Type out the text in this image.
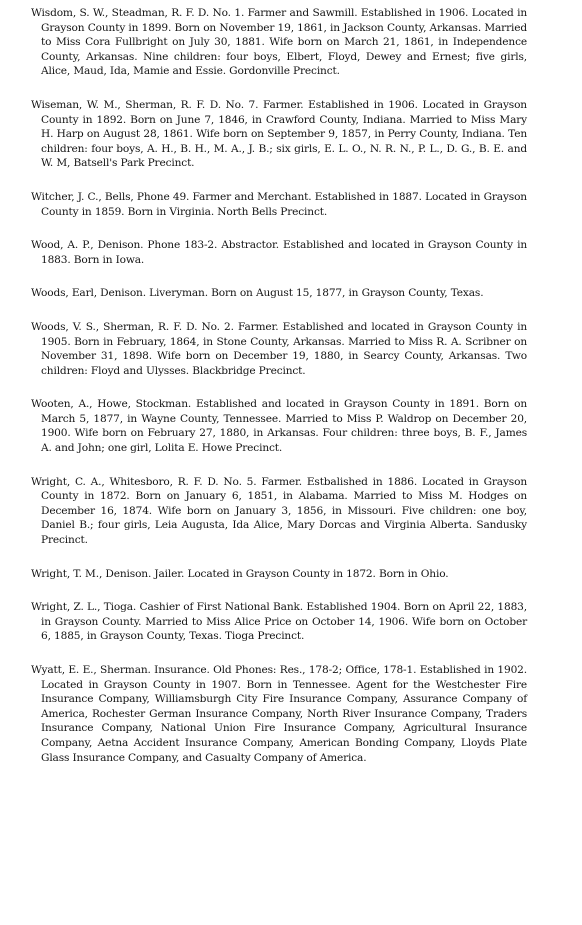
Wisdom, S. W., Steadman, R. F. D. No. 1. Farmer and Sawmill. Established in 1906. Located in Grayson County in 1899. Born on November 19, 1861, in Jackson County, Arkansas. Married to Miss Cora Fullbright on July 30, 1881. Wife born on March 21, 1861, in Independence County, Arkansas. Nine children: four boys, Elbert, Floyd, Dewey and Ernest; five girls, Alice, Maud, Ida, Mamie and Essie. Gordonville Precinct.

Wiseman, W. M., Sherman, R. F. D. No. 7. Farmer. Established in 1906. Located in Grayson County in 1892. Born on June 7, 1846, in Crawford County, Indiana. Married to Miss Mary H. Harp on August 28, 1861. Wife born on September 9, 1857, in Perry County, Indiana. Ten children: four boys, A. H., B. H., M. A., J. B.; six girls, E. L. O., N. R. N., P. L., D. G., B. E. and W. M, Batsell's Park Precinct.

Witcher, J. C., Bells, Phone 49. Farmer and Merchant. Established in 1887. Located in Grayson County in 1859. Born in Virginia. North Bells Precinct.

Wood, A. P., Denison. Phone 183-2. Abstractor. Established and located in Grayson County in 1883. Born in Iowa.

Woods, Earl, Denison. Liveryman. Born on August 15, 1877, in Grayson County, Texas.

Woods, V. S., Sherman, R. F. D. No. 2. Farmer. Established and located in Grayson County in 1905. Born in February, 1864, in Stone County, Arkansas. Married to Miss R. A. Scribner on November 31, 1898. Wife born on December 19, 1880, in Searcy County, Arkansas. Two children: Floyd and Ulysses. Blackbridge Precinct.

Wooten, A., Howe, Stockman. Established and located in Grayson County in 1891. Born on March 5, 1877, in Wayne County, Tennessee. Married to Miss P. Waldrop on December 20, 1900. Wife born on February 27, 1880, in Arkansas. Four children: three boys, B. F., James A. and John; one girl, Lolita E. Howe Precinct.

Wright, C. A., Whitesboro, R. F. D. No. 5. Farmer. Estbalished in 1886. Located in Grayson County in 1872. Born on January 6, 1851, in Alabama. Married to Miss M. Hodges on December 16, 1874. Wife born on January 3, 1856, in Missouri. Five children: one boy, Daniel B.; four girls, Leia Augusta, Ida Alice, Mary Dorcas and Virginia Alberta. Sandusky Precinct.

Wright, T. M., Denison. Jailer. Located in Grayson County in 1872. Born in Ohio.

Wright, Z. L., Tioga. Cashier of First National Bank. Established 1904. Born on April 22, 1883, in Grayson County. Married to Miss Alice Price on October 14, 1906. Wife born on October 6, 1885, in Grayson County, Texas. Tioga Precinct.

Wyatt, E. E., Sherman. Insurance. Old Phones: Res., 178-2; Office, 178-1. Established in 1902. Located in Grayson County in 1907. Born in Tennessee. Agent for the Westchester Fire Insurance Company, Williamsburgh City Fire Insurance Company, Assurance Company of America, Rochester German Insurance Company, North River Insurance Company, Traders Insurance Company, National Union Fire Insurance Company, Agricultural Insurance Company, Aetna Accident Insurance Company, American Bonding Company, Lloyds Plate Glass Insurance Company, and Casualty Company of America.
